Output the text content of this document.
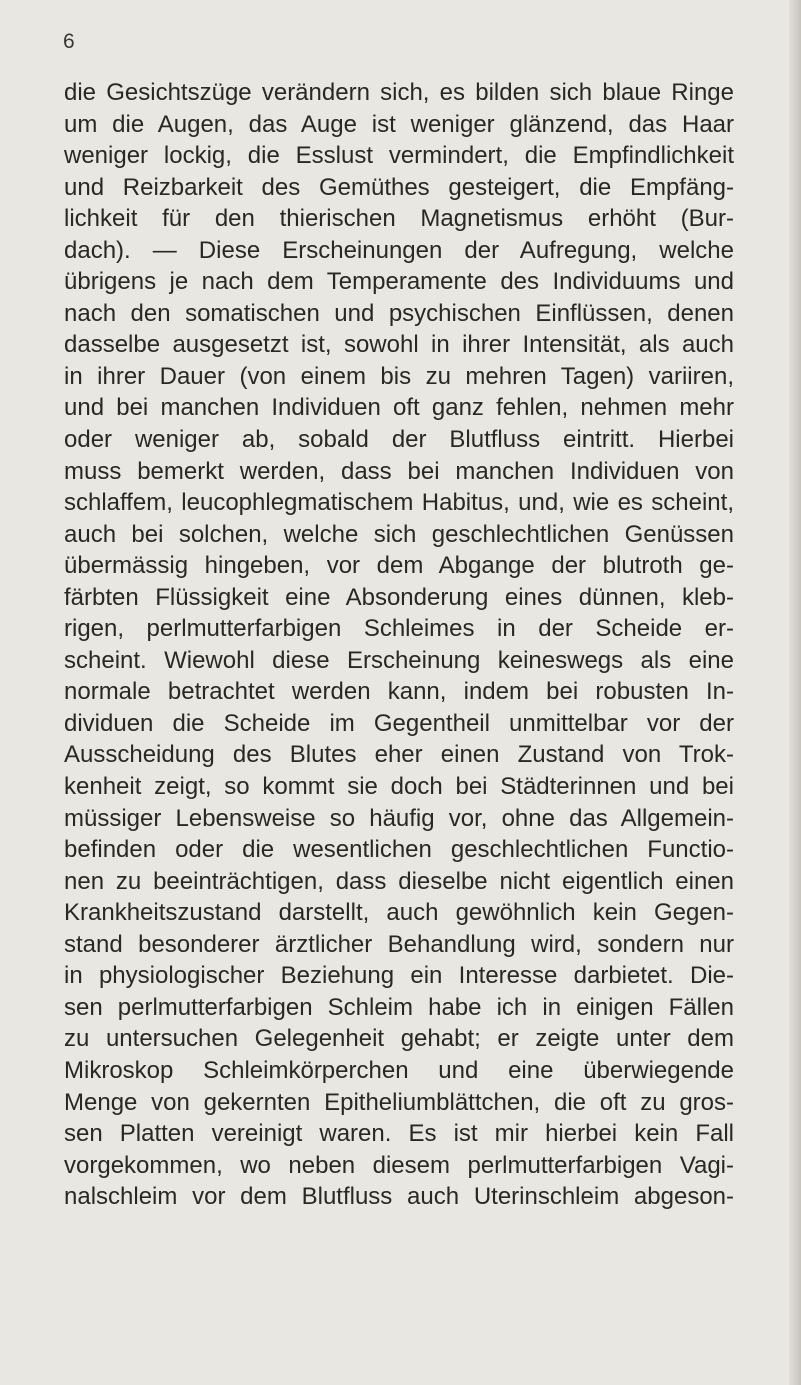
6
die Gesichtszüge verändern sich, es bilden sich blaue Ringe
um die Augen, das Auge ist weniger glänzend, das Haar
weniger lockig, die Esslust vermindert, die Empfindlichkeit
und Reizbarkeit des Gemüthes gesteigert, die Empfäng-
lichkeit für den thierischen Magnetismus erhöht (Bur-
dach). — Diese Erscheinungen der Aufregung, welche
übrigens je nach dem Temperamente des Individuums und
nach den somatischen und psychischen Einflüssen, denen
dasselbe ausgesetzt ist, sowohl in ihrer Intensität, als auch
in ihrer Dauer (von einem bis zu mehren Tagen) variiren,
und bei manchen Individuen oft ganz fehlen, nehmen mehr
oder weniger ab, sobald der Blutfluss eintritt. Hierbei
muss bemerkt werden, dass bei manchen Individuen von
schlaffem, leucophlegmatischem Habitus, und, wie es scheint,
auch bei solchen, welche sich geschlechtlichen Genüssen
übermässig hingeben, vor dem Abgange der blutroth ge-
färbten Flüssigkeit eine Absonderung eines dünnen, kleb-
rigen, perlmutterfarbigen Schleimes in der Scheide er-
scheint. Wiewohl diese Erscheinung keineswegs als eine
normale betrachtet werden kann, indem bei robusten In-
dividuen die Scheide im Gegentheil unmittelbar vor der
Ausscheidung des Blutes eher einen Zustand von Trok-
kenheit zeigt, so kommt sie doch bei Städterinnen und bei
müssiger Lebensweise so häufig vor, ohne das Allgemein-
befinden oder die wesentlichen geschlechtlichen Functio-
nen zu beeinträchtigen, dass dieselbe nicht eigentlich einen
Krankheitszustand darstellt, auch gewöhnlich kein Gegen-
stand besonderer ärztlicher Behandlung wird, sondern nur
in physiologischer Beziehung ein Interesse darbietet. Die-
sen perlmutterfarbigen Schleim habe ich in einigen Fällen
zu untersuchen Gelegenheit gehabt; er zeigte unter dem
Mikroskop Schleimkörperchen und eine überwiegende
Menge von gekernten Epitheliumblättchen, die oft zu gros-
sen Platten vereinigt waren. Es ist mir hierbei kein Fall
vorgekommen, wo neben diesem perlmutterfarbigen Vagi-
nalschleim vor dem Blutfluss auch Uterinschleim abgeson-
